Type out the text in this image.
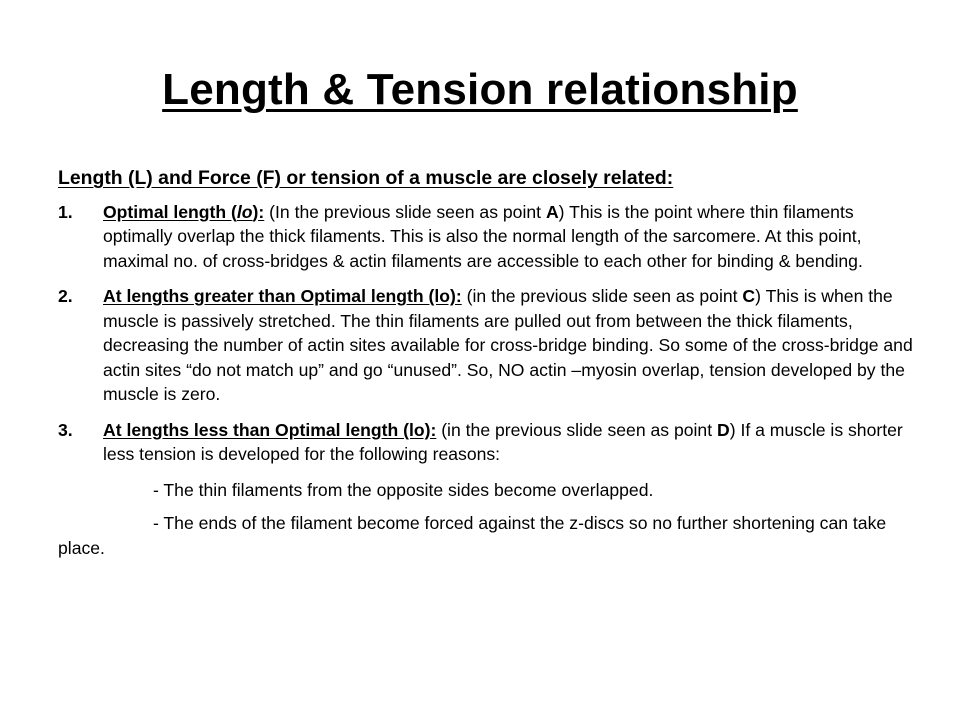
Length & Tension relationship
Length (L) and Force (F) or tension of a muscle are closely related:
1. Optimal length (lo): (In the previous slide seen as point A) This is the point where thin filaments optimally overlap the thick filaments. This is also the normal length of the sarcomere. At this point, maximal no. of cross-bridges & actin filaments are accessible to each other for binding & bending.
2. At lengths greater than Optimal length (lo): (in the previous slide seen as point C) This is when the muscle is passively stretched. The thin filaments are pulled out from between the thick filaments, decreasing the number of actin sites available for cross-bridge binding. So some of the cross-bridge and actin sites “do not match up” and go “unused”. So, NO actin –myosin overlap, tension developed by the muscle is zero.
3. At lengths less than Optimal length (lo): (in the previous slide seen as point D) If a muscle is shorter less tension is developed for the following reasons:
- The thin filaments from the opposite sides become overlapped.
- The ends of the filament become forced against the z-discs so no further shortening can take place.
